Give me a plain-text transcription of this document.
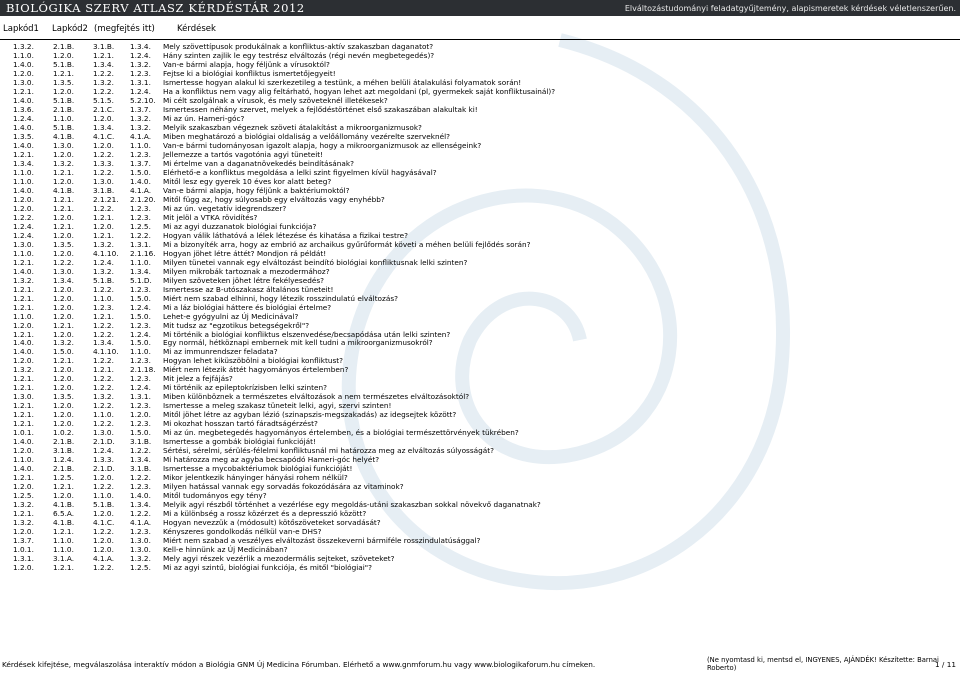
BIOLÓGIKA SZERV ATLASZ KÉRDÉSTÁR 2012	Elváltozástudományi feladatgyűjtemény, alapismeretek kérdések véletlenszerűen.
Lapkód1 Lapkód2 (megfejtés itt)	Kérdések
1.3.2.	2.1.B.	3.1.B. 1.3.4. Mely szövettípusok produkálnak a konfliktus-aktív szakaszban daganatot?
1.1.0.	1.2.0.	1.2.1. 1.2.4. Hány szinten zajlik le egy testrész elváltozás (régi nevén megbetegedés)?
1.4.0.	5.1.B.	1.3.4. 1.3.2. Van-e bármi alapja, hogy féljünk a vírusoktól?
1.2.0.	1.2.1.	1.2.2. 1.2.3. Fejtse ki a biológiai konfliktus ismertetőjegyeit!
1.3.0.	1.3.5.	1.3.2. 1.3.1. Ismertesse hogyan alakul ki szerkezetileg a testünk, a méhen belüli átalakulási folyamatok során!
1.2.1.	1.2.0.	1.2.2. 1.2.4. Ha a konfliktus nem vagy alig feltárható, hogyan lehet azt megoldani (pl, gyermekek saját konfliktusainál)?
1.4.0.	5.1.B.	5.1.5. 5.2.10. Mi célt szolgálnak a vírusok, és mely szöveteknél illetékesek?
1.3.6.	2.1.B.	2.1.C. 1.3.7. Ismertessen néhány szervet, melyek a fejlődéstörténet első szakaszában alakultak ki!
1.2.4.	1.1.0.	1.2.0. 1.3.2. Mi az ún. Hameri-góc?
1.4.0.	5.1.B.	1.3.4. 1.3.2. Melyik szakaszban végeznek szöveti átalakítást a mikroorganizmusok?
1.3.5.	4.1.B.	4.1.C. 4.1.A. Miben meghatározó a biológiai oldaliság a velőállomány vezérelte szerveknél?
1.4.0.	1.3.0.	1.2.0. 1.1.0. Van-e bármi tudományosan igazolt alapja, hogy a mikroorganizmusok az ellenségeink?
1.2.1.	1.2.0.	1.2.2. 1.2.3. Jellemezze a tartós vagotónia agyi tüneteit!
1.3.4.	1.3.2.	1.3.3. 1.3.7. Mi értelme van a daganatnövekedés beindításának?
1.1.0.	1.2.1.	1.2.2. 1.5.0. Elérhető-e a konfliktus megoldása a lelki szint figyelmen kívül hagyásával?
1.1.0.	1.2.0.	1.3.0. 1.4.0. Mitől lesz egy gyerek 10 éves kor alatt beteg?
1.4.0.	4.1.B.	3.1.B. 4.1.A. Van-e bármi alapja, hogy féljünk a baktériumoktól?
1.2.0.	1.2.1.	2.1.21. 2.1.20. Mitől függ az, hogy súlyosabb egy elváltozás vagy enyhébb?
1.2.0.	1.2.1.	1.2.2. 1.2.3. Mi az ún. vegetatív idegrendszer?
1.2.2.	1.2.0.	1.2.1. 1.2.3. Mit jelöl a VTKA rövidítés?
1.2.4.	1.2.1.	1.2.0. 1.2.5. Mi az agyi duzzanatok biológiai funkciója?
1.2.4.	1.2.0.	1.2.1. 1.2.2. Hogyan válik láthatóvá a lélek létezése és kihatása a fizikai testre?
1.3.0.	1.3.5.	1.3.2. 1.3.1. Mi a bizonyíték arra, hogy az embrió az archaikus gyűrűformát követi a méhen belüli fejlődés során?
1.1.0.	1.2.0.	4.1.10. 2.1.16. Hogyan jöhet létre áttét? Mondjon rá példát!
1.2.1.	1.2.2.	1.2.4. 1.1.0. Milyen tünetei vannak egy elváltozást beindító biológiai konfliktusnak lelki szinten?
1.4.0.	1.3.0.	1.3.2. 1.3.4. Milyen mikrobák tartoznak a mezodermához?
1.3.2.	1.3.4.	5.1.B. 5.1.D. Milyen szöveteken jöhet létre fekélyesedés?
1.2.1.	1.2.0.	1.2.2. 1.2.3. Ismertesse az B-utószakasz általános tüneteit!
1.2.1.	1.2.0.	1.1.0. 1.5.0. Miért nem szabad elhinni, hogy létezik rosszindulatú elváltozás?
1.2.1.	1.2.0.	1.2.3. 1.2.4. Mi a láz biológiai háttere és biológiai értelme?
1.1.0.	1.2.0.	1.2.1. 1.5.0. Lehet-e gyógyulni az Új Medicinával?
1.2.0.	1.2.1.	1.2.2. 1.2.3. Mit tudsz az "egzotikus betegségekről"?
1.2.1.	1.2.0.	1.2.2. 1.2.4. Mi történik a biológiai konfliktus elszenvedése/becsapódása után lelki szinten?
1.4.0.	1.3.2.	1.3.4. 1.5.0. Egy normál, hétköznapi embernek mit kell tudni a mikroorganizmusokról?
1.4.0.	1.5.0.	4.1.10. 1.1.0. Mi az immunrendszer feladata?
1.2.0.	1.2.1.	1.2.2. 1.2.3. Hogyan lehet kiküszöbölni a biológiai konfliktust?
1.3.2.	1.2.0.	1.2.1. 2.1.18. Miért nem létezik áttét hagyományos értelemben?
1.2.1.	1.2.0.	1.2.2. 1.2.3. Mit jelez a fejfájás?
1.2.1.	1.2.0.	1.2.2. 1.2.4. Mi történik az epileptokrízisben lelki szinten?
1.3.0.	1.3.5.	1.3.2. 1.3.1. Miben különböznek a természetes elváltozások a nem természetes elváltozásoktól?
1.2.1.	1.2.0.	1.2.2. 1.2.3. Ismertesse a meleg szakasz tüneteit lelki, agyi, szervi szinten!
1.2.1.	1.2.0.	1.1.0. 1.2.0. Mitől jöhet létre az agyban lézió (szinapszis-megszakadás) az idegsejtek között?
1.2.1.	1.2.0.	1.2.2. 1.2.3. Mi okozhat hosszan tartó fáradtságérzést?
1.0.1.	1.0.2.	1.3.0. 1.5.0. Mi az ún. megbetegedés hagyományos értelemben, és a biológiai természettörvények tükrében?
1.4.0.	2.1.B.	2.1.D. 3.1.B. Ismertesse a gombák biológiai funkcióját!
1.2.0.	3.1.B.	1.2.4. 1.2.2. Sértési, sérelmi, sérülés-félelmi konfliktusnál mi határozza meg az elváltozás súlyosságát?
1.1.0.	1.2.4.	1.3.3. 1.3.4. Mi határozza meg az agyba becsapódó Hameri-góc helyét?
1.4.0.	2.1.B.	2.1.D. 3.1.B. Ismertesse a mycobaktériumok biológiai funkcióját!
1.2.1.	1.2.5.	1.2.0. 1.2.2. Mikor jelentkezik hányinger hányási rohem nélkül?
1.2.0.	1.2.1.	1.2.2. 1.2.3. Milyen hatással vannak egy sorvadás fokozódására az vitaminok?
1.2.5.	1.2.0.	1.1.0. 1.4.0. Mitől tudományos egy tény?
1.3.2.	4.1.B.	5.1.B. 1.3.4. Melyik agyi részből történhet a vezérlése egy megoldás-utáni szakaszban sokkal növekvő daganatnak?
1.2.1.	6.5.A.	1.2.0. 1.2.2. Mi a különbség a rossz közérzet és a depresszió között?
1.3.2.	4.1.B.	4.1.C. 4.1.A. Hogyan nevezzük a (módosult) kötőszöveteket sorvadását?
1.2.0.	1.2.1.	1.2.2. 1.2.3. Kényszeres gondolkodás nélkül van-e DHS?
1.3.7.	1.1.0.	1.2.0. 1.3.0. Miért nem szabad a veszélyes elváltozást összekeverni bármiféle rosszindulatúsággal?
1.0.1.	1.1.0.	1.2.0. 1.3.0. Kell-e hinnünk az Új Medicinában?
1.3.1.	3.1.A.	4.1.A. 1.3.2. Mely agyi részek vezérlik a mezodermális sejteket, szöveteket?
1.2.0.	1.2.1.	1.2.2. 1.2.5. Mi az agyi szintű, biológiai funkciója, és mitől "biológiai"?
Kérdések kifejtése, megválaszolása interaktív módon a Biológia GNM Új Medicina Fórumban. Elérhető a www.gnmforum.hu vagy www.biologikaforum.hu címeken.	(Ne nyomtasd ki, mentsd el, INGYENES, AJÁNDÉK! Készítette: Barnai Roberto)	1 / 11
